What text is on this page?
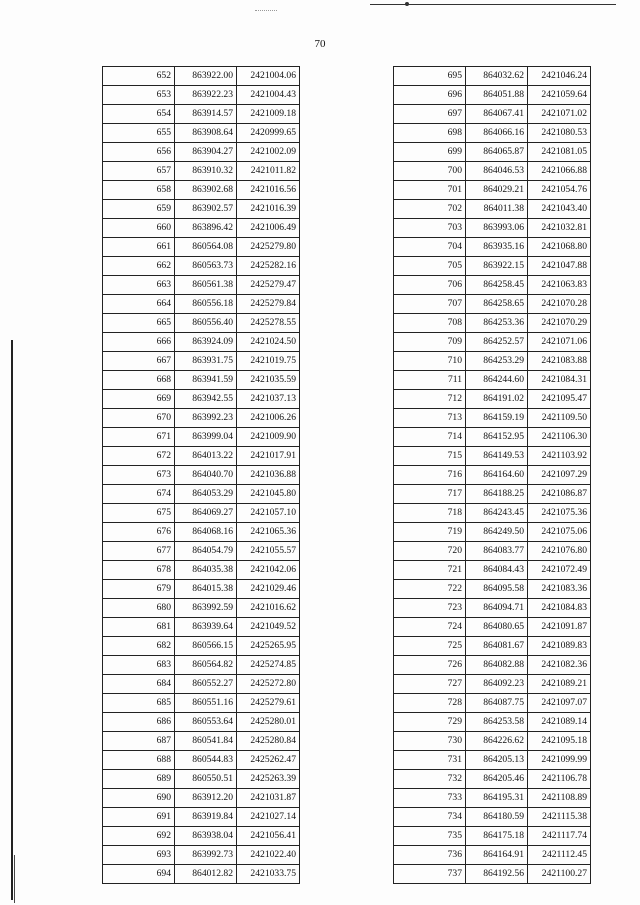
70
652	863922.00	2421004.06
653	863922.23	2421004.43
654	863914.57	2421009.18
655	863908.64	2420999.65
656	863904.27	2421002.09
657	863910.32	2421011.82
658	863902.68	2421016.56
659	863902.57	2421016.39
660	863896.42	2421006.49
661	860564.08	2425279.80
662	860563.73	2425282.16
663	860561.38	2425279.47
664	860556.18	2425279.84
665	860556.40	2425278.55
666	863924.09	2421024.50
667	863931.75	2421019.75
668	863941.59	2421035.59
669	863942.55	2421037.13
670	863992.23	2421006.26
671	863999.04	2421009.90
672	864013.22	2421017.91
673	864040.70	2421036.88
674	864053.29	2421045.80
675	864069.27	2421057.10
676	864068.16	2421065.36
677	864054.79	2421055.57
678	864035.38	2421042.06
679	864015.38	2421029.46
680	863992.59	2421016.62
681	863939.64	2421049.52
682	860566.15	2425265.95
683	860564.82	2425274.85
684	860552.27	2425272.80
685	860551.16	2425279.61
686	860553.64	2425280.01
687	860541.84	2425280.84
688	860544.83	2425262.47
689	860550.51	2425263.39
690	863912.20	2421031.87
691	863919.84	2421027.14
692	863938.04	2421056.41
693	863992.73	2421022.40
694	864012.82	2421033.75
695	864032.62	2421046.24
696	864051.88	2421059.64
697	864067.41	2421071.02
698	864066.16	2421080.53
699	864065.87	2421081.05
700	864046.53	2421066.88
701	864029.21	2421054.76
702	864011.38	2421043.40
703	863993.06	2421032.81
704	863935.16	2421068.80
705	863922.15	2421047.88
706	864258.45	2421063.83
707	864258.65	2421070.28
708	864253.36	2421070.29
709	864252.57	2421071.06
710	864253.29	2421083.88
711	864244.60	2421084.31
712	864191.02	2421095.47
713	864159.19	2421109.50
714	864152.95	2421106.30
715	864149.53	2421103.92
716	864164.60	2421097.29
717	864188.25	2421086.87
718	864243.45	2421075.36
719	864249.50	2421075.06
720	864083.77	2421076.80
721	864084.43	2421072.49
722	864095.58	2421083.36
723	864094.71	2421084.83
724	864080.65	2421091.87
725	864081.67	2421089.83
726	864082.88	2421082.36
727	864092.23	2421089.21
728	864087.75	2421097.07
729	864253.58	2421089.14
730	864226.62	2421095.18
731	864205.13	2421099.99
732	864205.46	2421106.78
733	864195.31	2421108.89
734	864180.59	2421115.38
735	864175.18	2421117.74
736	864164.91	2421112.45
737	864192.56	2421100.27
